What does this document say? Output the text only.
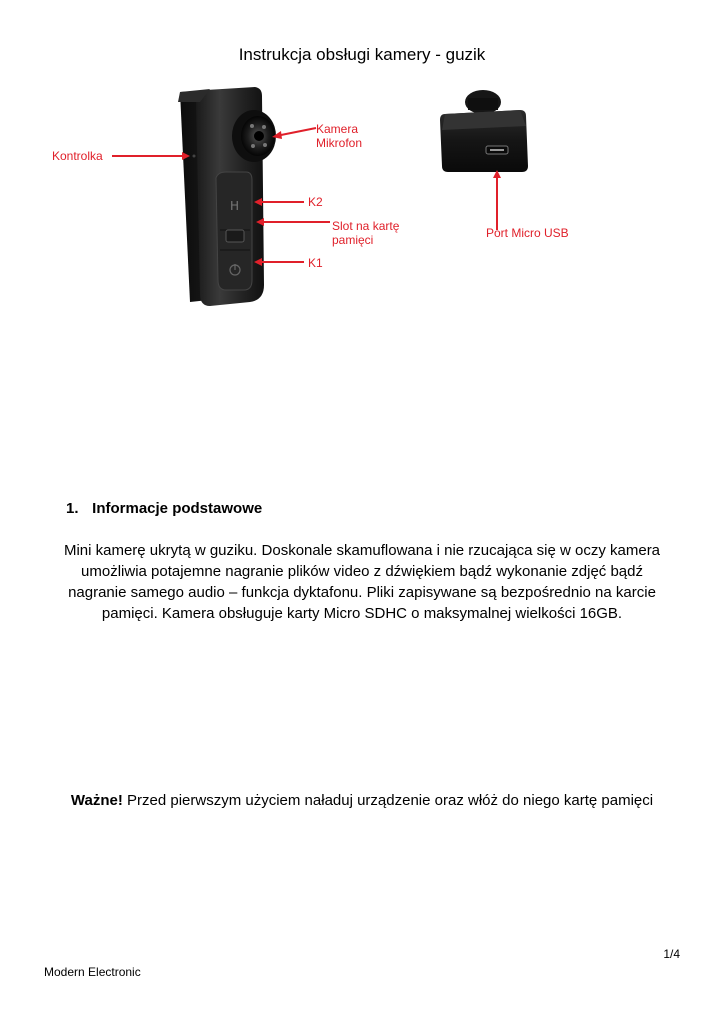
Instrukcja obsługi kamery - guzik
H
Kontrolka
Kamera
Mikrofon
K2
Slot na kartę
pamięci
K1
Port Micro USB
1. Informacje podstawowe
Mini kamerę ukrytą w guziku. Doskonale skamuflowana i nie rzucająca się w oczy kamera umożliwia potajemne nagranie plików video z dźwiękiem bądź wykonanie zdjęć bądź nagranie samego audio – funkcja dyktafonu. Pliki zapisywane są bezpośrednio na karcie pamięci. Kamera obsługuje karty Micro SDHC o maksymalnej wielkości 16GB.
Ważne! Przed pierwszym użyciem naładuj urządzenie oraz włóż do niego kartę pamięci
1/4
Modern Electronic
